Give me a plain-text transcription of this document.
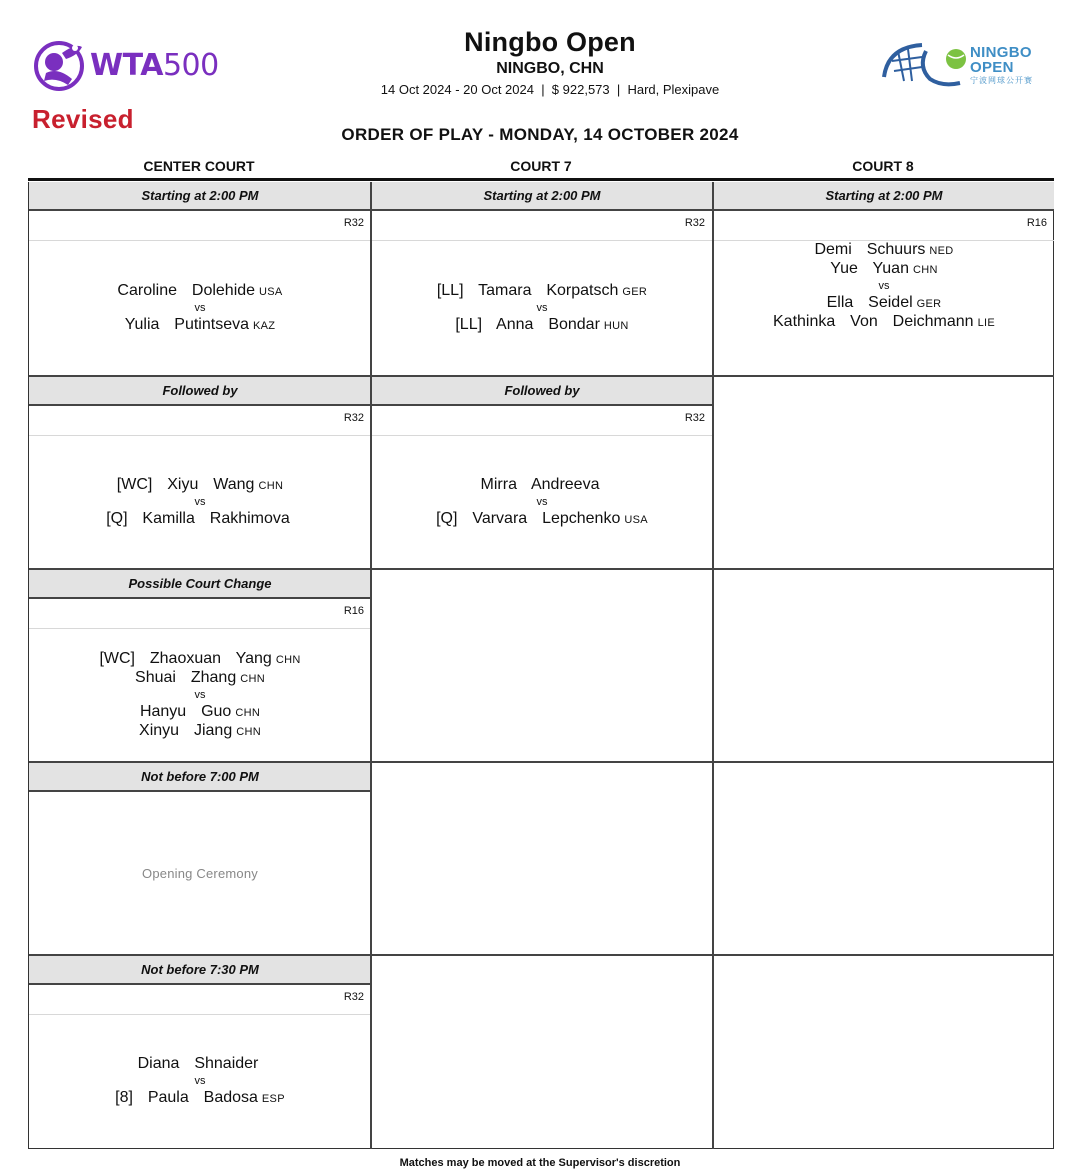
WTA500
Revised
Ningbo Open
NINGBO, CHN
14 Oct 2024 - 20 Oct 2024  |  $ 922,573  |  Hard, Plexipave
NINGBO
OPEN
宁波网球公开赛
ORDER OF PLAY - MONDAY, 14 OCTOBER 2024
CENTER COURT	COURT 7	COURT 8
Starting at 2:00 PM
R32
Caroline  Dolehide USA
vs
Yulia  Putintseva KAZ
Followed by
R32
[WC]  Xiyu  Wang CHN
vs
[Q]  Kamilla  Rakhimova
Possible Court Change
R16
[WC]  Zhaoxuan  Yang CHN
Shuai  Zhang CHN
vs
Hanyu  Guo CHN
Xinyu  Jiang CHN
Not before 7:00 PM
Opening Ceremony
Not before 7:30 PM
R32
Diana  Shnaider
vs
[8]  Paula  Badosa ESP
Starting at 2:00 PM
R32
[LL]  Tamara  Korpatsch GER
vs
[LL]  Anna  Bondar HUN
Followed by
R32
Mirra  Andreeva
vs
[Q]  Varvara  Lepchenko USA
Starting at 2:00 PM
R16
Demi  Schuurs NED
Yue  Yuan CHN
vs
Ella  Seidel GER
Kathinka  Von  Deichmann LIE
Matches may be moved at the Supervisor's discretion
